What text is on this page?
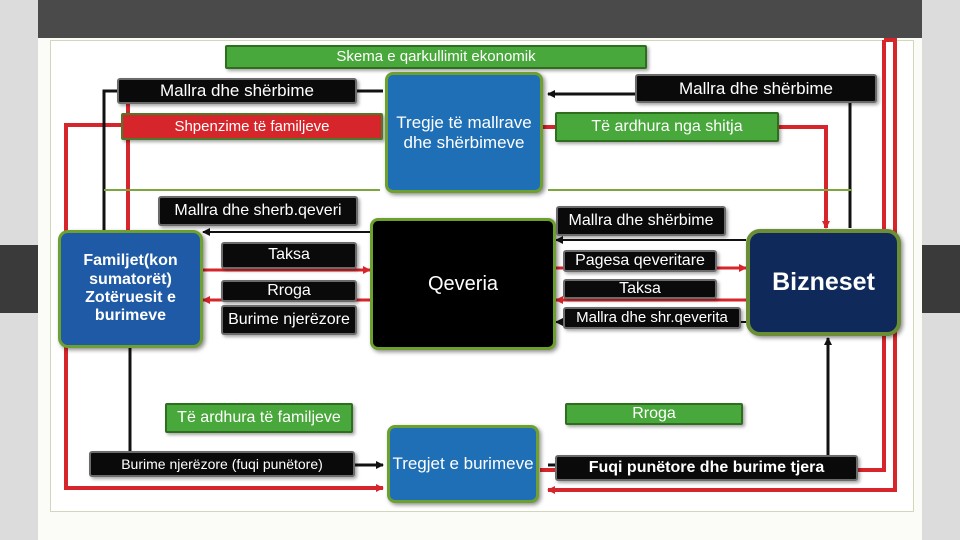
Skema e qarkullimit ekonomik
Mallra dhe shërbime
Shpenzime të familjeve	Tregje të mallrave dhe shërbimeve
Mallra dhe shërbime
Të ardhura nga shitja
Familjet(kon sumatorët) Zotëruesit e burimeve
Mallra dhe sherb.qeveri
Taksa
Rroga
Burime njerëzore
Qeveria
Mallra dhe shërbime
Pagesa qeveritare
Taksa
Mallra dhe shr.qeverita
Bizneset
Të ardhura të familjeve	Rroga
Burime njerëzore (fuqi punëtore)	Tregjet e burimeve	Fuqi punëtore dhe burime tjera
